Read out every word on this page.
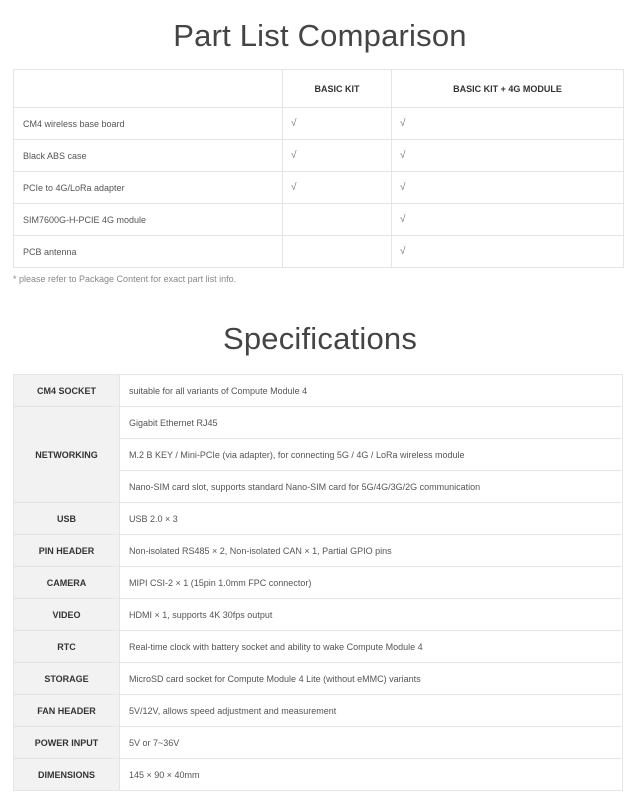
Part List Comparison
	BASIC KIT	BASIC KIT + 4G MODULE
CM4 wireless base board	√	√
Black ABS case	√	√
PCIe to 4G/LoRa adapter	√	√
SIM7600G-H-PCIE 4G module		√
PCB antenna		√

* please refer to Package Content for exact part list info.

Specifications
CM4 SOCKET	suitable for all variants of Compute Module 4
NETWORKING	Gigabit Ethernet RJ45
	M.2 B KEY / Mini-PCIe (via adapter), for connecting 5G / 4G / LoRa wireless module
	Nano-SIM card slot, supports standard Nano-SIM card for 5G/4G/3G/2G communication
USB	USB 2.0 × 3
PIN HEADER	Non-isolated RS485 × 2, Non-isolated CAN × 1, Partial GPIO pins
CAMERA	MIPI CSI-2 × 1 (15pin 1.0mm FPC connector)
VIDEO	HDMI × 1, supports 4K 30fps output
RTC	Real-time clock with battery socket and ability to wake Compute Module 4
STORAGE	MicroSD card socket for Compute Module 4 Lite (without eMMC) variants
FAN HEADER	5V/12V, allows speed adjustment and measurement
POWER INPUT	5V or 7~36V
DIMENSIONS	145 × 90 × 40mm
